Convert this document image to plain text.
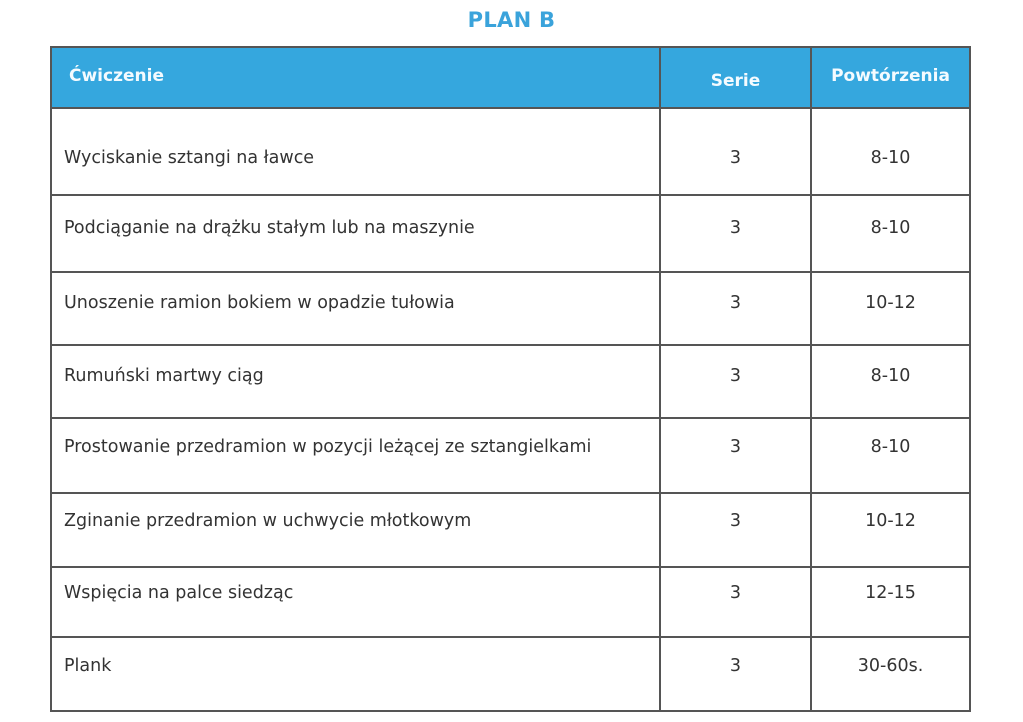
PLAN B
Ćwiczenie	Serie	Powtórzenia

Wyciskanie sztangi na ławce	3	8-10

Podciąganie na drążku stałym lub na maszynie	3	8-10

Unoszenie ramion bokiem w opadzie tułowia	3	10-12

Rumuński martwy ciąg	3	8-10

Prostowanie przedramion w pozycji leżącej ze sztangielkami	3	8-10

Zginanie przedramion w uchwycie młotkowym	3	10-12

Wspięcia na palce siedząc	3	12-15

Plank	3	30-60s.
